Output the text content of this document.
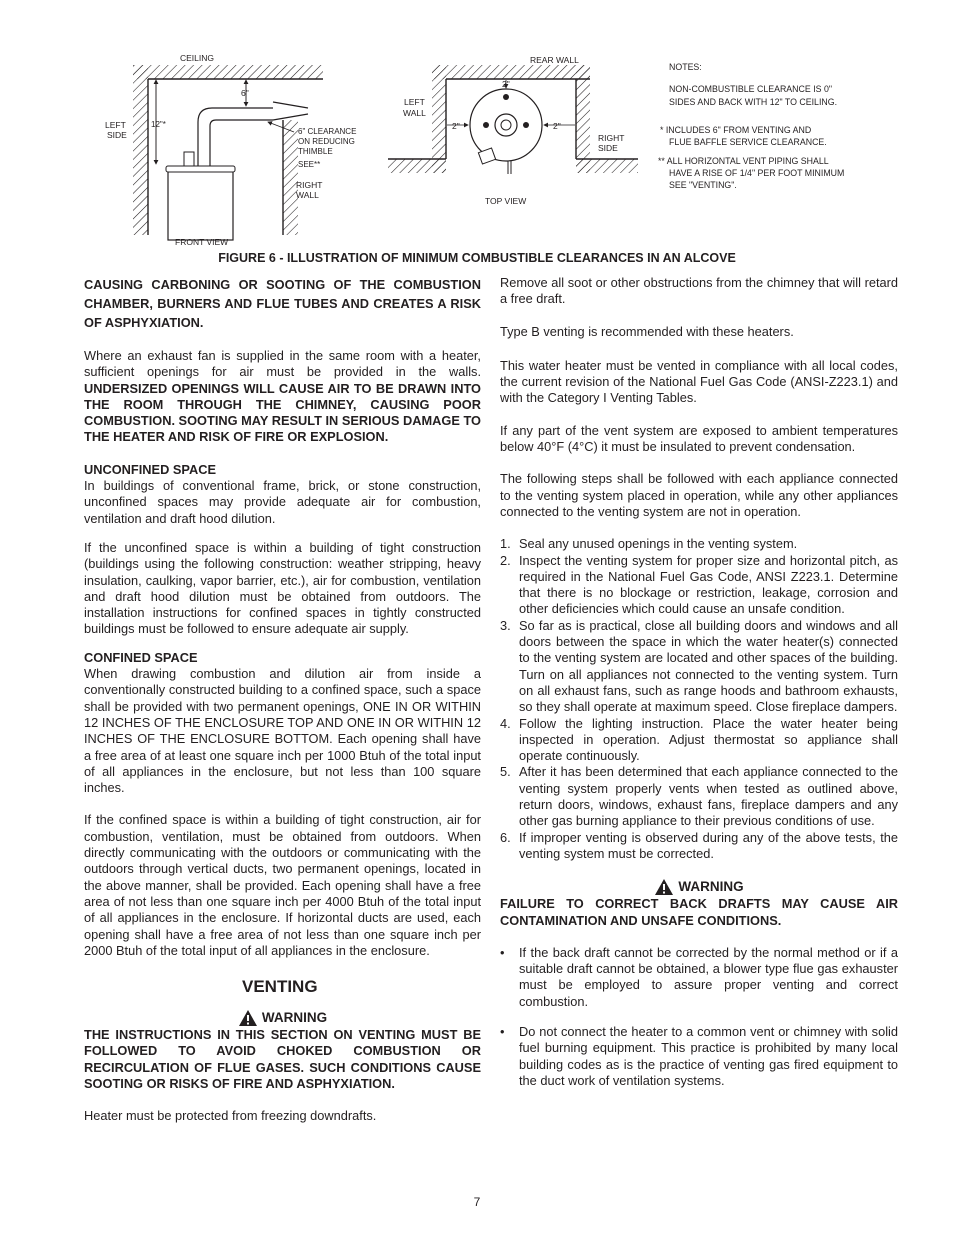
CEILING
LEFT
SIDE
6"
12"*
6" CLEARANCE
ON REDUCING
THIMBLE
SEE**
RIGHT
WALL
FRONT VIEW
REAR WALL
LEFT
WALL
2"
2"	2"
RIGHT
SIDE
TOP VIEW
NOTES:
NON-COMBUSTIBLE CLEARANCE IS 0"
SIDES AND BACK WITH 12" TO CEILING.
* INCLUDES 6" FROM VENTING AND
FLUE BAFFLE SERVICE CLEARANCE.
** ALL HORIZONTAL VENT PIPING SHALL
HAVE A RISE OF 1/4" PER FOOT MINIMUM
SEE "VENTING".
FIGURE 6 - ILLUSTRATION OF MINIMUM COMBUSTIBLE CLEARANCES IN AN ALCOVE

CAUSING CARBONING OR SOOTING OF THE COMBUSTION CHAMBER, BURNERS AND FLUE TUBES AND CREATES A RISK OF ASPHYXIATION.

Where an exhaust fan is supplied in the same room with a heater, sufficient openings for air must be provided in the walls. UNDERSIZED OPENINGS WILL CAUSE AIR TO BE DRAWN INTO THE ROOM THROUGH THE CHIMNEY, CAUSING POOR COMBUSTION. SOOTING MAY RESULT IN SERIOUS DAMAGE TO THE HEATER AND RISK OF FIRE OR EXPLOSION.

UNCONFINED SPACE

In buildings of conventional frame, brick, or stone construction, unconfined spaces may provide adequate air for combustion, ventilation and draft hood dilution.

If the unconfined space is within a building of tight construction (buildings using the following construction: weather stripping, heavy insulation, caulking, vapor barrier, etc.), air for combustion, ventilation and draft hood dilution must be obtained from outdoors. The installation instructions for confined spaces in tightly constructed buildings must be followed to ensure adequate air supply.

CONFINED SPACE

When drawing combustion and dilution air from inside a conventionally constructed building to a confined space, such a space shall be provided with two permanent openings, ONE IN OR WITHIN 12 INCHES OF THE ENCLOSURE TOP AND ONE IN OR WITHIN 12 INCHES OF THE ENCLOSURE BOTTOM. Each opening shall have a free area of at least one square inch per 1000 Btuh of the total input of all appliances in the enclosure, but not less than 100 square inches.

If the confined space is within a building of tight construction, air for combustion, ventilation, must be obtained from outdoors. When directly communicating with the outdoors or communicating with the outdoors through vertical ducts, two permanent openings, located in the above manner, shall be provided. Each opening shall have a free area of not less than one square inch per 4000 Btuh of the total input of all appliances in the enclosure. If horizontal ducts are used, each opening shall have a free area of not less than one square inch per 2000 Btuh of the total input of all appliances in the enclosure.

VENTING

WARNING

THE INSTRUCTIONS IN THIS SECTION ON VENTING MUST BE FOLLOWED TO AVOID CHOKED COMBUSTION OR RECIRCULATION OF FLUE GASES. SUCH CONDITIONS CAUSE SOOTING OR RISKS OF FIRE AND ASPHYXIATION.

Heater must be protected from freezing downdrafts.

Remove all soot or other obstructions from the chimney that will retard a free draft.

Type B venting is recommended with these heaters.

This water heater must be vented in compliance with all local codes, the current revision of the National Fuel Gas Code (ANSI-Z223.1) and with the Category I Venting Tables.

If any part of the vent system are exposed to ambient temperatures below 40°F (4°C) it must be insulated to prevent condensation.

The following steps shall be followed with each appliance connected to the venting system placed in operation, while any other appliances connected to the venting system are not in operation.

1. Seal any unused openings in the venting system.
2. Inspect the venting system for proper size and horizontal pitch, as required in the National Fuel Gas Code, ANSI Z223.1. Determine that there is no blockage or restriction, leakage, corrosion and other deficiencies which could cause an unsafe condition.
3. So far as is practical, close all building doors and windows and all doors between the space in which the water heater(s) connected to the venting system are located and other spaces of the building. Turn on all appliances not connected to the venting system. Turn on all exhaust fans, such as range hoods and bathroom exhausts, so they shall operate at maximum speed. Close fireplace dampers.
4. Follow the lighting instruction. Place the water heater being inspected in operation. Adjust thermostat so appliance shall operate continuously.
5. After it has been determined that each appliance connected to the venting system properly vents when tested as outlined above, return doors, windows, exhaust fans, fireplace dampers and any other gas burning appliance to their previous conditions of use.
6. If improper venting is observed during any of the above tests, the venting system must be corrected.

WARNING

FAILURE TO CORRECT BACK DRAFTS MAY CAUSE AIR CONTAMINATION AND UNSAFE CONDITIONS.

•	If the back draft cannot be corrected by the normal method or if a suitable draft cannot be obtained, a blower type flue gas exhauster must be employed to assure proper venting and correct combustion.
•	Do not connect the heater to a common vent or chimney with solid fuel burning equipment. This practice is prohibited by many local building codes as is the practice of venting gas fired equipment to the duct work of ventilation systems.
7
